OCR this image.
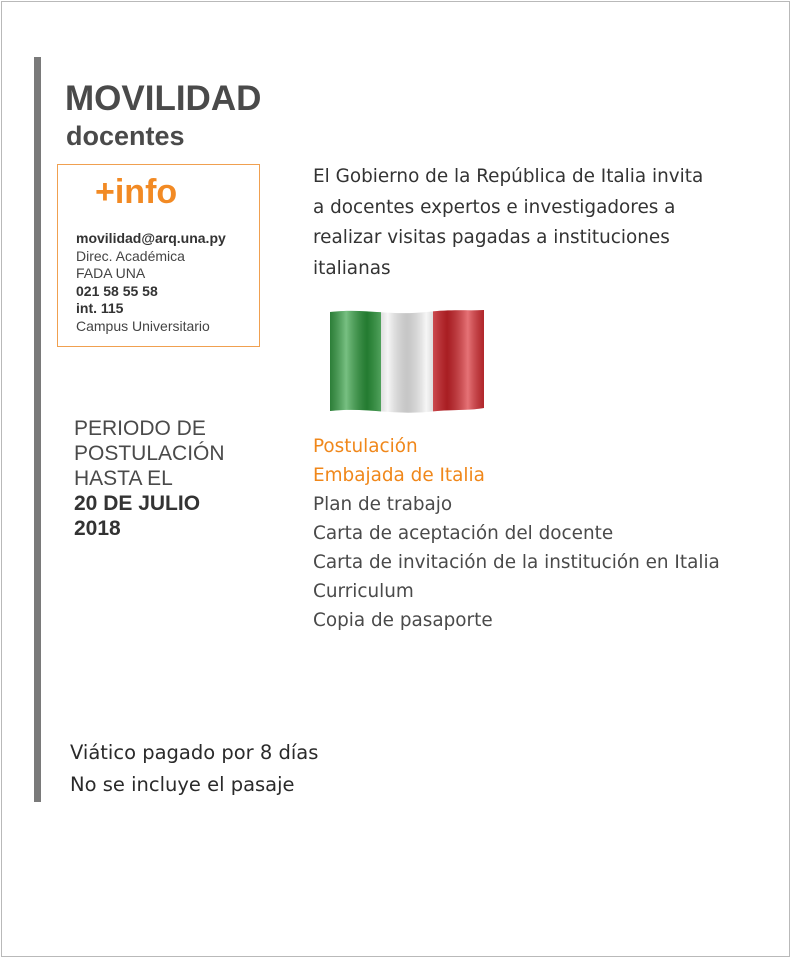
MOVILIDAD
docentes
+info
movilidad@arq.una.py
Direc. Académica
FADA UNA
021 58 55 58
int. 115
Campus Universitario
El Gobierno de la República de Italia invita
a docentes expertos e investigadores a
realizar visitas pagadas a instituciones
italianas
PERIODO DE
POSTULACIÓN
HASTA EL
20 DE JULIO
2018
Postulación
Embajada de Italia
Plan de trabajo
Carta de aceptación del docente
Carta de invitación de la institución en Italia
Curriculum
Copia de pasaporte
Viático pagado por 8 días
No se incluye el pasaje
